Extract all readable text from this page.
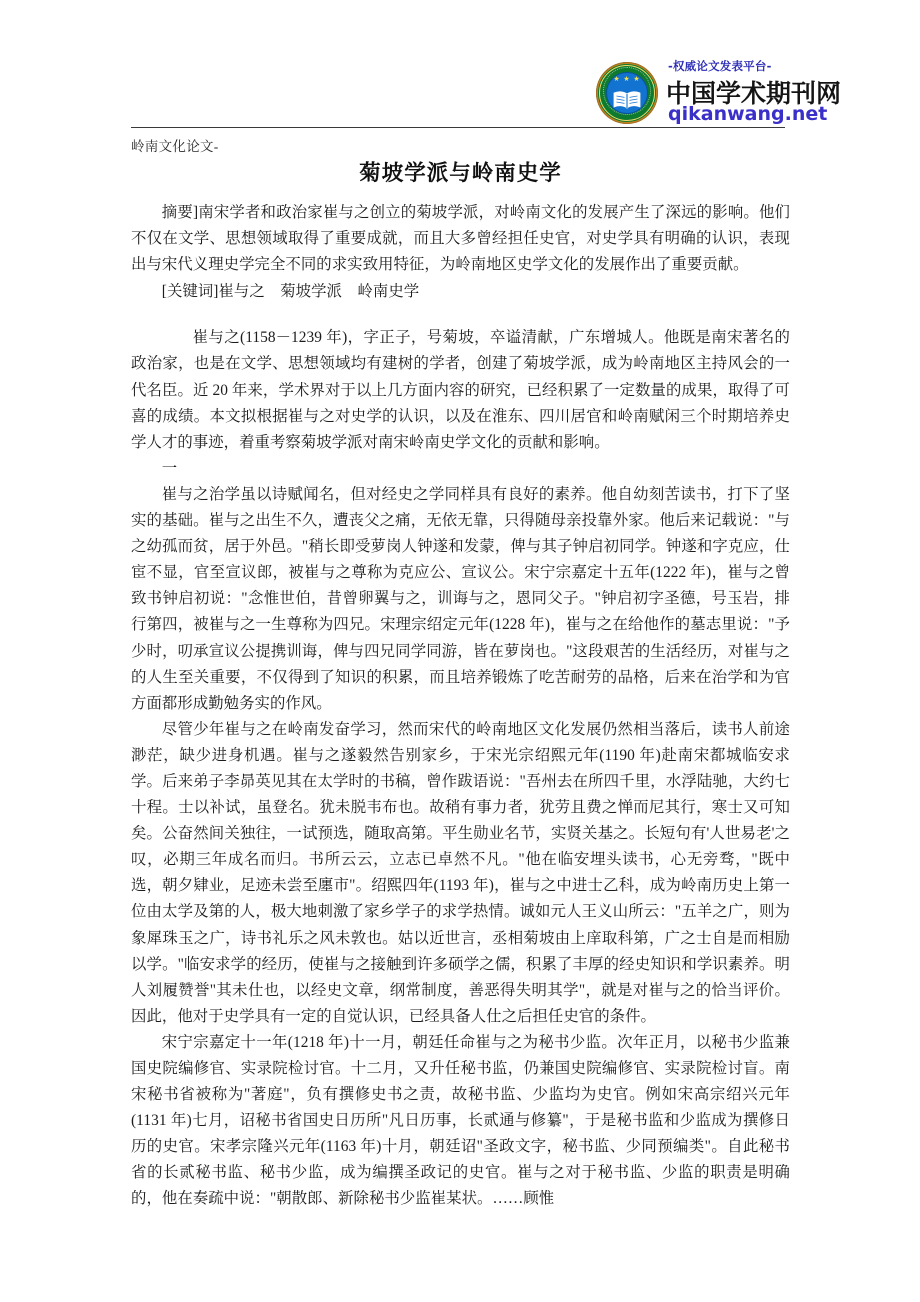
★ ★ ★
-权威论文发表平台-
中国学术期刊网
qikanwang.net
岭南文化论文-
菊坡学派与岭南史学

摘要]南宋学者和政治家崔与之创立的菊坡学派，对岭南文化的发展产生了深远的影响。他们不仅在文学、思想领域取得了重要成就，而且大多曾经担任史官，对史学具有明确的认识，表现出与宋代义理史学完全不同的求实致用特征，为岭南地区史学文化的发展作出了重要贡献。

[关键词]崔与之　菊坡学派　岭南史学

崔与之(1158－1239 年)，字正子，号菊坡，卒谥清献，广东增城人。他既是南宋著名的政治家，也是在文学、思想领域均有建树的学者，创建了菊坡学派，成为岭南地区主持风会的一代名臣。近 20 年来，学术界对于以上几方面内容的研究，已经积累了一定数量的成果，取得了可喜的成绩。本文拟根据崔与之对史学的认识，以及在淮东、四川居官和岭南赋闲三个时期培养史学人才的事迹，着重考察菊坡学派对南宋岭南史学文化的贡献和影响。

一

崔与之治学虽以诗赋闻名，但对经史之学同样具有良好的素养。他自幼刻苦读书，打下了坚实的基础。崔与之出生不久，遭丧父之痛，无依无靠，只得随母亲投靠外家。他后来记载说："与之幼孤而贫，居于外邑。"稍长即受萝岗人钟遂和发蒙，俾与其子钟启初同学。钟遂和字克应，仕宦不显，官至宣议郎，被崔与之尊称为克应公、宣议公。宋宁宗嘉定十五年(1222 年)，崔与之曾致书钟启初说："念惟世伯，昔曾卵翼与之，训诲与之，恩同父子。"钟启初字圣德，号玉岩，排行第四，被崔与之一生尊称为四兄。宋理宗绍定元年(1228 年)，崔与之在给他作的墓志里说："予少时，叨承宣议公提携训诲，俾与四兄同学同游，皆在萝岗也。"这段艰苦的生活经历，对崔与之的人生至关重要，不仅得到了知识的积累，而且培养锻炼了吃苦耐劳的品格，后来在治学和为官方面都形成勤勉务实的作风。

尽管少年崔与之在岭南发奋学习，然而宋代的岭南地区文化发展仍然相当落后，读书人前途渺茫，缺少进身机遇。崔与之遂毅然告别家乡，于宋光宗绍熙元年(1190 年)赴南宋都城临安求学。后来弟子李昴英见其在太学时的书稿，曾作跋语说："吾州去在所四千里，水浮陆驰，大约七十程。士以补试，虽登名。犹未脱韦布也。故稍有事力者，犹劳且费之惮而尼其行，寒士又可知矣。公奋然间关独往，一试预选，随取高第。平生勋业名节，实贤关基之。长短句有'人世易老'之叹，必期三年成名而归。书所云云，立志已卓然不凡。"他在临安埋头读书，心无旁骛，"既中选，朝夕肄业，足迹未尝至廛市"。绍熙四年(1193 年)，崔与之中进士乙科，成为岭南历史上第一位由太学及第的人，极大地刺激了家乡学子的求学热情。诚如元人王义山所云："五羊之广，则为象犀珠玉之广，诗书礼乐之风未敦也。姑以近世言，丞相菊坡由上庠取科第，广之士自是而相励以学。"临安求学的经历，使崔与之接触到许多硕学之儒，积累了丰厚的经史知识和学识素养。明人刘履赞誉"其未仕也，以经史文章，纲常制度，善恶得失明其学"，就是对崔与之的恰当评价。因此，他对于史学具有一定的自觉认识，已经具备人仕之后担任史官的条件。

宋宁宗嘉定十一年(1218 年)十一月，朝廷任命崔与之为秘书少监。次年正月，以秘书少监兼国史院编修官、实录院检讨官。十二月，又升任秘书监，仍兼国史院编修官、实录院检讨盲。南宋秘书省被称为"著庭"，负有撰修史书之责，故秘书监、少监均为史官。例如宋高宗绍兴元年(1131 年)七月，诏秘书省国史日历所"凡日历事，长贰通与修纂"，于是秘书监和少监成为撰修日历的史官。宋孝宗隆兴元年(1163 年)十月，朝廷诏"圣政文字，秘书监、少同预编类"。自此秘书省的长贰秘书监、秘书少监，成为编撰圣政记的史官。崔与之对于秘书监、少监的职责是明确的，他在奏疏中说："朝散郎、新除秘书少监崔某状。……顾惟
